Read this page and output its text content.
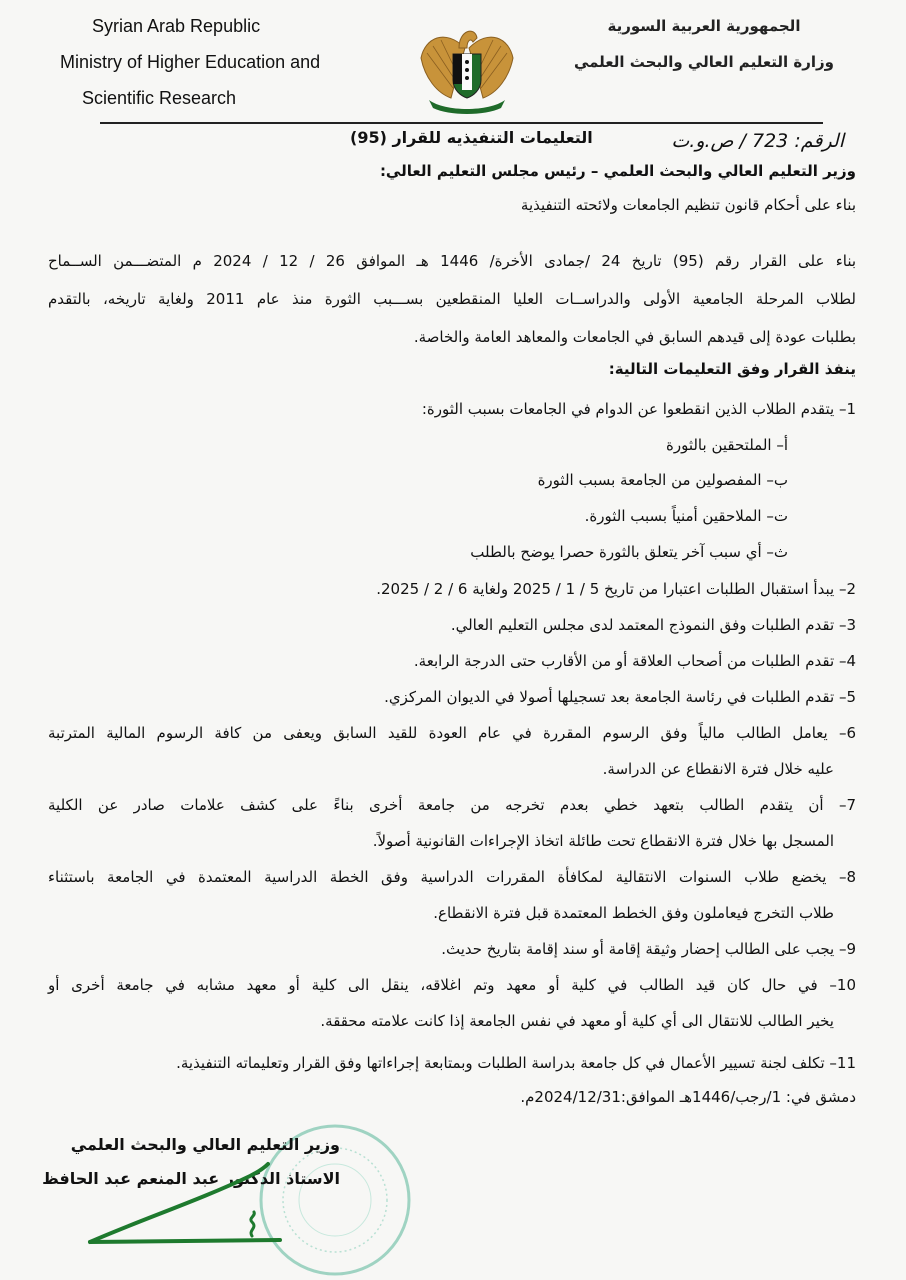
Syrian Arab Republic
Ministry of Higher Education and
Scientific Research
الجمهورية العربية السورية
وزارة التعليم العالي والبحث العلمي
الرقم: 723 / ص.و.ت
التعليمات التنفيذيه للقرار (95)
وزير التعليم العالي والبحث العلمي – رئيس مجلس التعليم العالي:
بناء على أحكام قانون تنظيم الجامعات ولائحته التنفيذية
بناء على القرار رقم (95) تاريخ 24 /جمادى الأخرة/ 1446 هـ الموافق 26 / 12 / 2024 م المتضـــمن الســماح
لطلاب المرحلة الجامعية الأولى والدراســات العليا المنقطعين بســـبب الثورة منذ عام 2011 ولغاية تاريخه، بالتقدم
بطلبات عودة إلى قيدهم السابق في الجامعات والمعاهد العامة والخاصة.
ينفذ القرار وفق التعليمات التالية:
1– يتقدم الطلاب الذين انقطعوا عن الدوام في الجامعات بسبب الثورة:
أ– الملتحقين بالثورة
ب– المفصولين من الجامعة بسبب الثورة
ت– الملاحقين أمنياً بسبب الثورة.
ث– أي سبب آخر يتعلق بالثورة حصرا يوضح بالطلب
2– يبدأ استقبال الطلبات اعتبارا من تاريخ 5 / 1 / 2025 ولغاية 6 / 2 / 2025.
3– تقدم الطلبات وفق النموذج المعتمد لدى مجلس التعليم العالي.
4– تقدم الطلبات من أصحاب العلاقة أو من الأقارب حتى الدرجة الرابعة.
5– تقدم الطلبات في رئاسة الجامعة بعد تسجيلها أصولا في الديوان المركزي.
6– يعامل الطالب مالياً وفق الرسوم المقررة في عام العودة للقيد السابق ويعفى من كافة الرسوم المالية المترتبة
عليه خلال فترة الانقطاع عن الدراسة.
7– أن يتقدم الطالب بتعهد خطي بعدم تخرجه من جامعة أخرى بناءً على كشف علامات صادر عن الكلية
المسجل بها خلال فترة الانقطاع تحت طائلة اتخاذ الإجراءات القانونية أصولاً.
8– يخضع طلاب السنوات الانتقالية لمكافأة المقررات الدراسية وفق الخطة الدراسية المعتمدة في الجامعة باستثناء
طلاب التخرج فيعاملون وفق الخطط المعتمدة قبل فترة الانقطاع.
9– يجب على الطالب إحضار وثيقة إقامة أو سند إقامة بتاريخ حديث.
10– في حال كان قيد الطالب في كلية أو معهد وتم اغلاقه، ينقل الى كلية أو معهد مشابه في جامعة أخرى أو
يخير الطالب للانتقال الى أي كلية أو معهد في نفس الجامعة إذا كانت علامته محققة.
11– تكلف لجنة تسيير الأعمال في كل جامعة بدراسة الطلبات وبمتابعة إجراءاتها وفق القرار وتعليماته التنفيذية.
دمشق في: 1/رجب/1446هـ الموافق:2024/12/31م.
وزير التعليم العالي والبحث العلمي
الاستاذ الدكتور عبد المنعم عبد الحافظ
